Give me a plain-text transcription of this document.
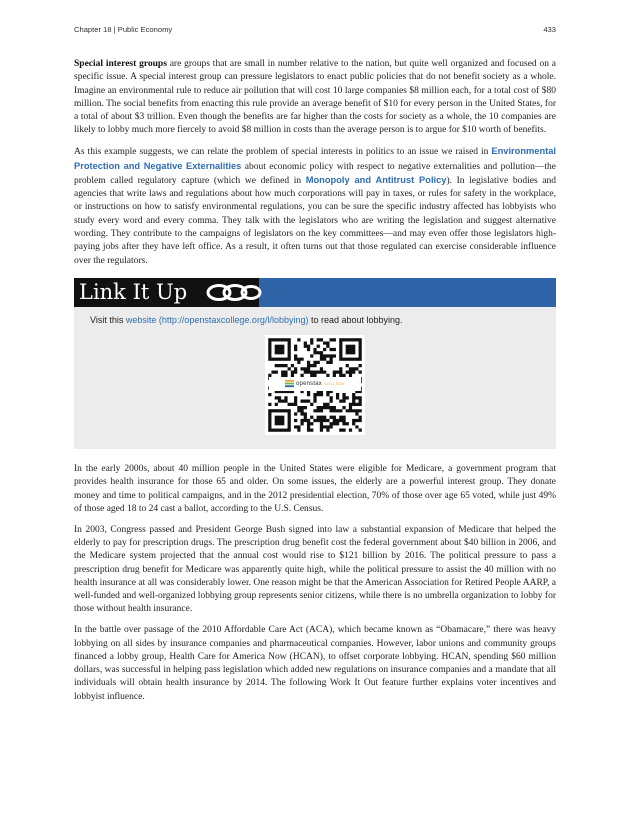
Chapter 18 | Public Economy	433

Special interest groups are groups that are small in number relative to the nation, but quite well organized and focused on a specific issue. A special interest group can pressure legislators to enact public policies that do not benefit society as a whole. Imagine an environmental rule to reduce air pollution that will cost 10 large companies $8 million each, for a total cost of $80 million. The social benefits from enacting this rule provide an average benefit of $10 for every person in the United States, for a total of about $3 trillion. Even though the benefits are far higher than the costs for society as a whole, the 10 companies are likely to lobby much more fiercely to avoid $8 million in costs than the average person is to argue for $10 worth of benefits.

As this example suggests, we can relate the problem of special interests in politics to an issue we raised in Environmental Protection and Negative Externalities about economic policy with respect to negative externalities and pollution—the problem called regulatory capture (which we defined in Monopoly and Antitrust Policy). In legislative bodies and agencies that write laws and regulations about how much corporations will pay in taxes, or rules for safety in the workplace, or instructions on how to satisfy environmental regulations, you can be sure the specific industry affected has lobbyists who study every word and every comma. They talk with the legislators who are writing the legislation and suggest alternative wording. They contribute to the campaigns of legislators on the key committees—and may even offer those legislators high-paying jobs after they have left office. As a result, it often turns out that those regulated can exercise considerable influence over the regulators.

Link It Up
Visit this website (http://openstaxcollege.org/l/lobbying) to read about lobbying.
openstax COLLEGE

In the early 2000s, about 40 million people in the United States were eligible for Medicare, a government program that provides health insurance for those 65 and older. On some issues, the elderly are a powerful interest group. They donate money and time to political campaigns, and in the 2012 presidential election, 70% of those over age 65 voted, while just 49% of those aged 18 to 24 cast a ballot, according to the U.S. Census.

In 2003, Congress passed and President George Bush signed into law a substantial expansion of Medicare that helped the elderly to pay for prescription drugs. The prescription drug benefit cost the federal government about $40 billion in 2006, and the Medicare system projected that the annual cost would rise to $121 billion by 2016. The political pressure to pass a prescription drug benefit for Medicare was apparently quite high, while the political pressure to assist the 40 million with no health insurance at all was considerably lower. One reason might be that the American Association for Retired People AARP, a well-funded and well-organized lobbying group represents senior citizens, while there is no umbrella organization to lobby for those without health insurance.

In the battle over passage of the 2010 Affordable Care Act (ACA), which became known as “Obamacare,” there was heavy lobbying on all sides by insurance companies and pharmaceutical companies. However, labor unions and community groups financed a lobby group, Health Care for America Now (HCAN), to offset corporate lobbying. HCAN, spending $60 million dollars, was successful in helping pass legislation which added new regulations on insurance companies and a mandate that all individuals will obtain health insurance by 2014. The following Work It Out feature further explains voter incentives and lobbyist influence.
